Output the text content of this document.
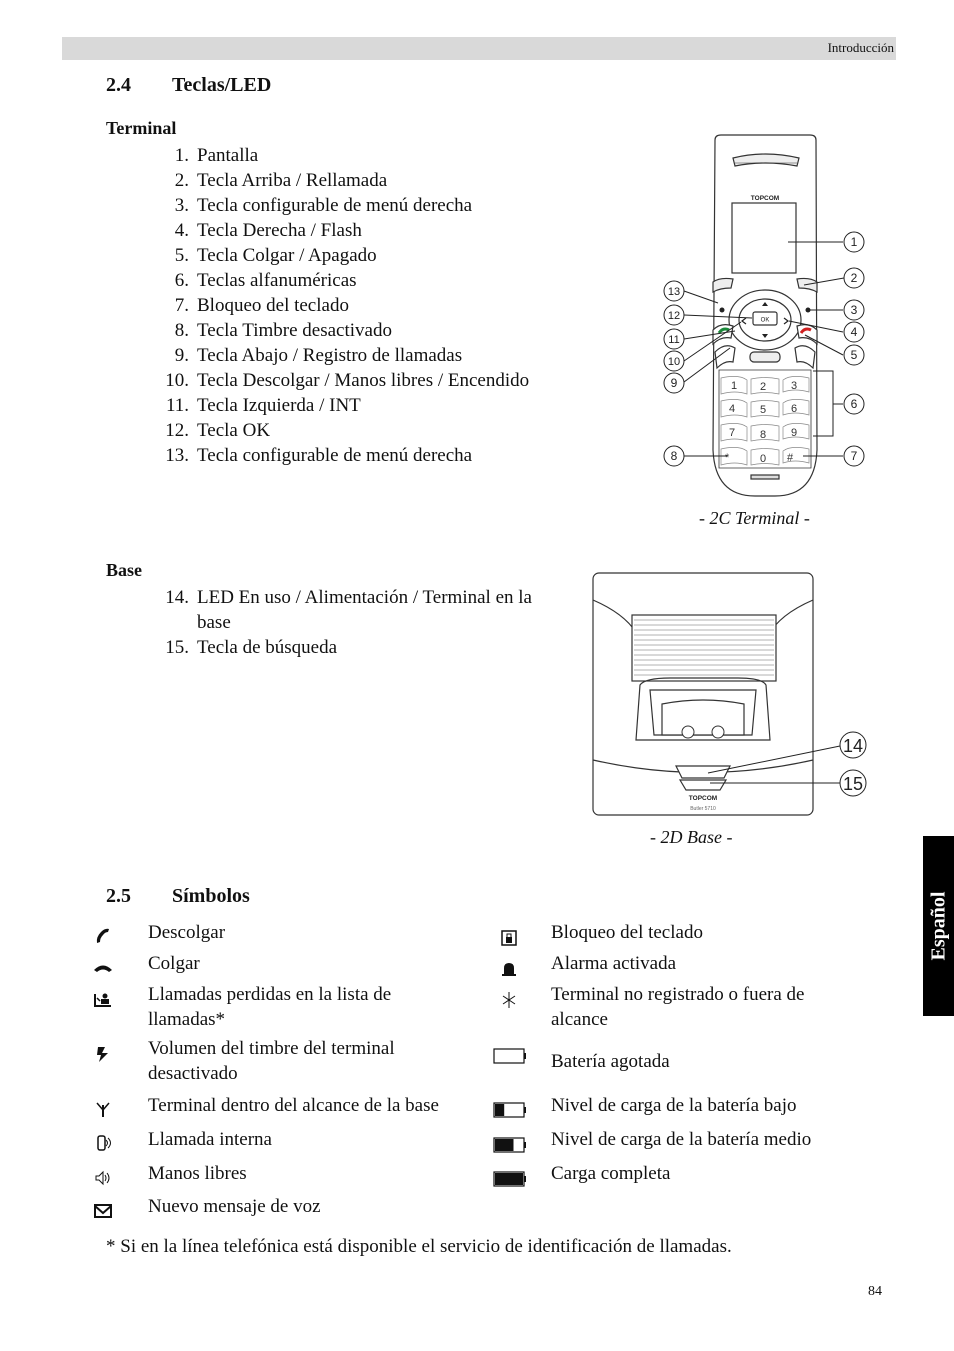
Introducción
2.4 Teclas/LED
Terminal
1. Pantalla
2. Tecla Arriba / Rellamada
3. Tecla configurable de menú derecha
4. Tecla Derecha / Flash
5. Tecla Colgar / Apagado
6. Teclas alfanuméricas
7. Bloqueo del teclado
8. Tecla Timbre desactivado
9. Tecla Abajo / Registro de llamadas
10. Tecla Descolgar / Manos libres / Encendido
11. Tecla Izquierda / INT
12. Tecla OK
13. Tecla configurable de menú derecha
TOPCOM
OK
1 2 3
4 5 6
7 8 9
*	0 #
1
2
3
4
5
6
7
8
9
10
11
12
13
- 2C Terminal -
Base
14. LED En uso / Alimentación / Terminal en la base
15. Tecla de búsqueda
TOPCOM
Butler 5710
14
15
- 2D Base -
2.5 Símbolos
Descolgar
Colgar
Llamadas perdidas en la lista de llamadas*
Volumen del timbre del terminal desactivado
Terminal dentro del alcance de la base
Llamada interna
Manos libres
Nuevo mensaje de voz
Bloqueo del teclado
Alarma activada
Terminal no registrado o fuera de alcance
Batería agotada
Nivel de carga de la batería bajo
Nivel de carga de la batería medio
Carga completa
* Si en la línea telefónica está disponible el servicio de identificación de llamadas.
Español
84
